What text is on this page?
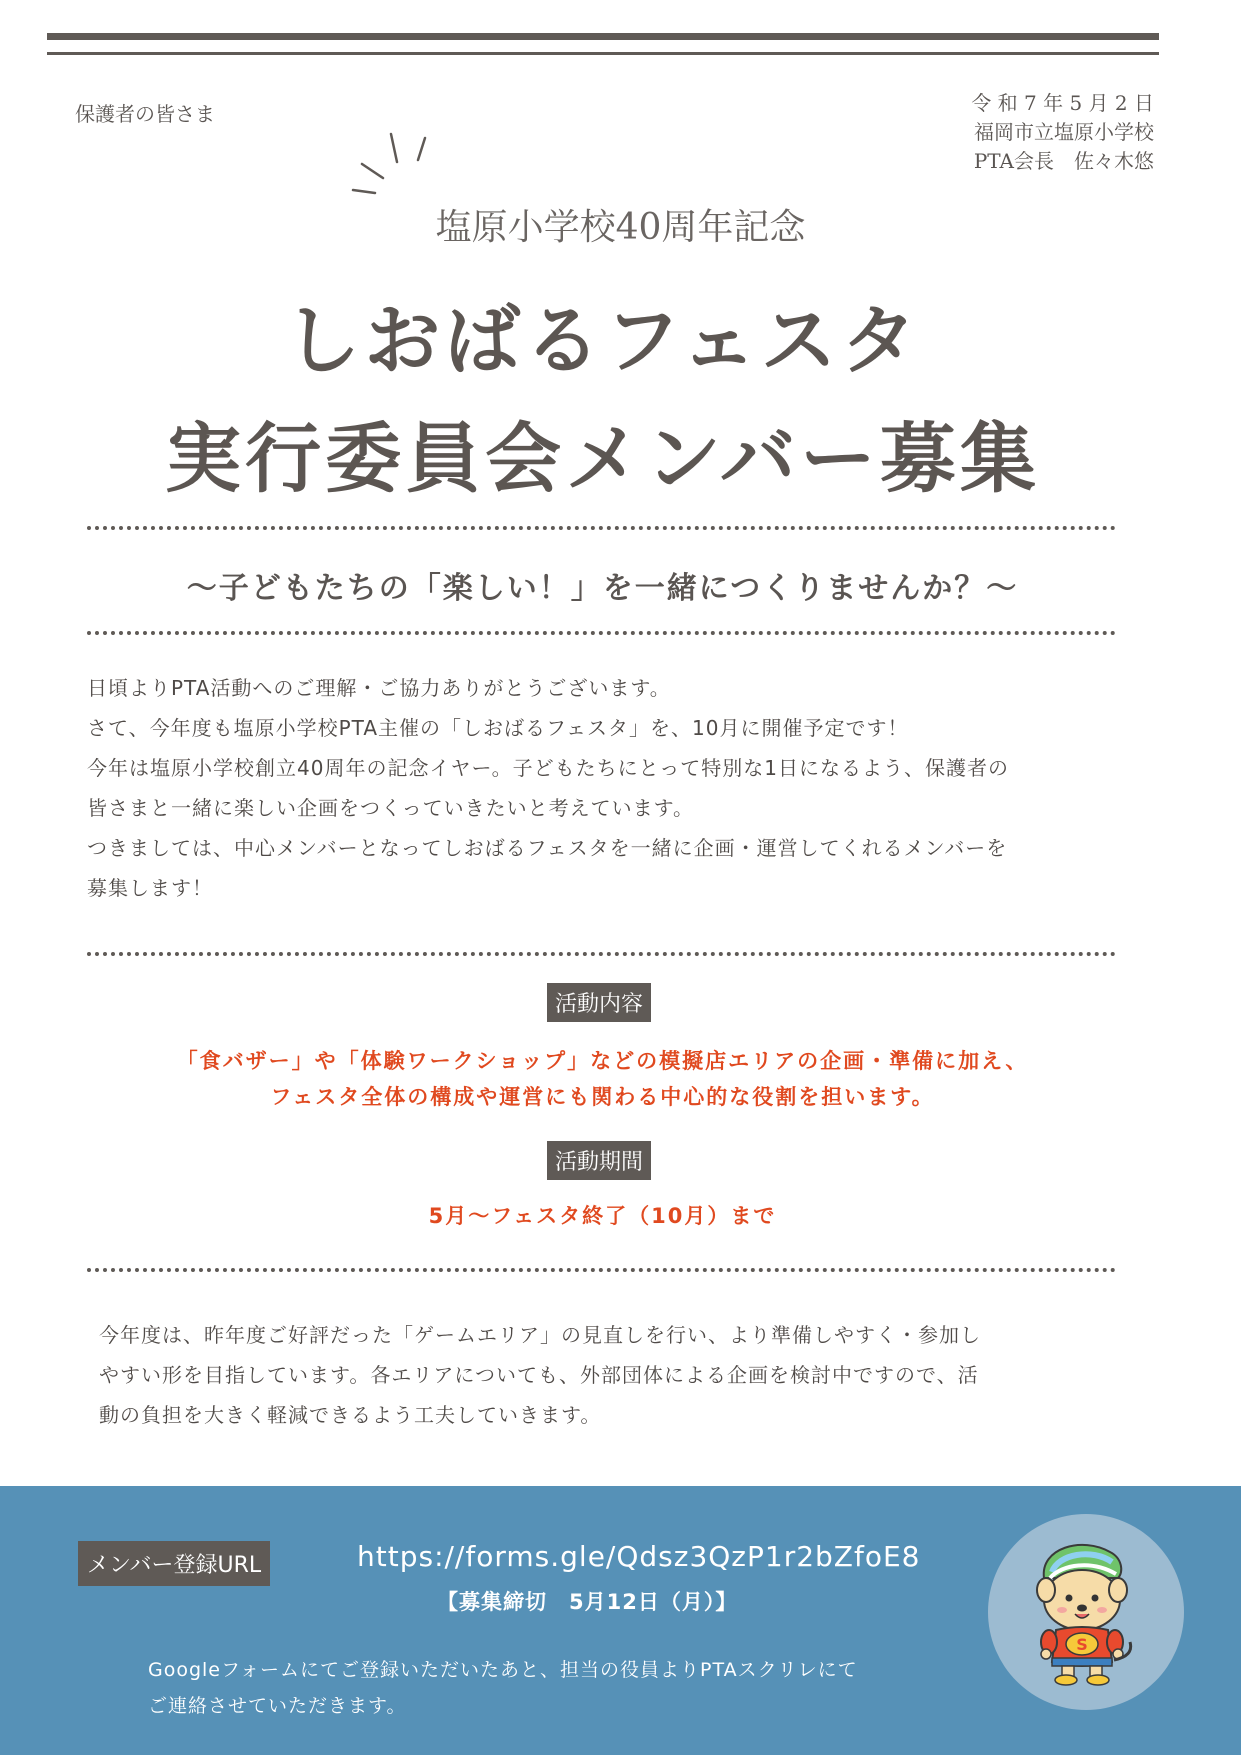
保護者の皆さま	令 和 7 年 5 月 2 日
福岡市立塩原小学校
PTA会長　佐々木悠
塩原小学校40周年記念
しおばるフェスタ
実行委員会メンバー募集
〜子どもたちの「楽しい！」を一緒につくりませんか？〜

日頃よりPTA活動へのご理解・ご協力ありがとうございます。

さて、今年度も塩原小学校PTA主催の「しおばるフェスタ」を、10月に開催予定です！

今年は塩原小学校創立40周年の記念イヤー。子どもたちにとって特別な1日になるよう、保護者の

皆さまと一緒に楽しい企画をつくっていきたいと考えています。

つきましては、中心メンバーとなってしおばるフェスタを一緒に企画・運営してくれるメンバーを

募集します！

活動内容

「食バザー」や「体験ワークショップ」などの模擬店エリアの企画・準備に加え、

フェスタ全体の構成や運営にも関わる中心的な役割を担います。

活動期間
5月〜フェスタ終了（10月）まで

今年度は、昨年度ご好評だった「ゲームエリア」の見直しを行い、より準備しやすく・参加し

やすい形を目指しています。各エリアについても、外部団体による企画を検討中ですので、活

動の負担を大きく軽減できるよう工夫していきます。

メンバー登録URL	https://forms.gle/Qdsz3QzP1r2bZfoE8
【募集締切　5月12日（月）】

Googleフォームにてご登録いただいたあと、担当の役員よりPTAスクリレにて

ご連絡させていただきます。

S
